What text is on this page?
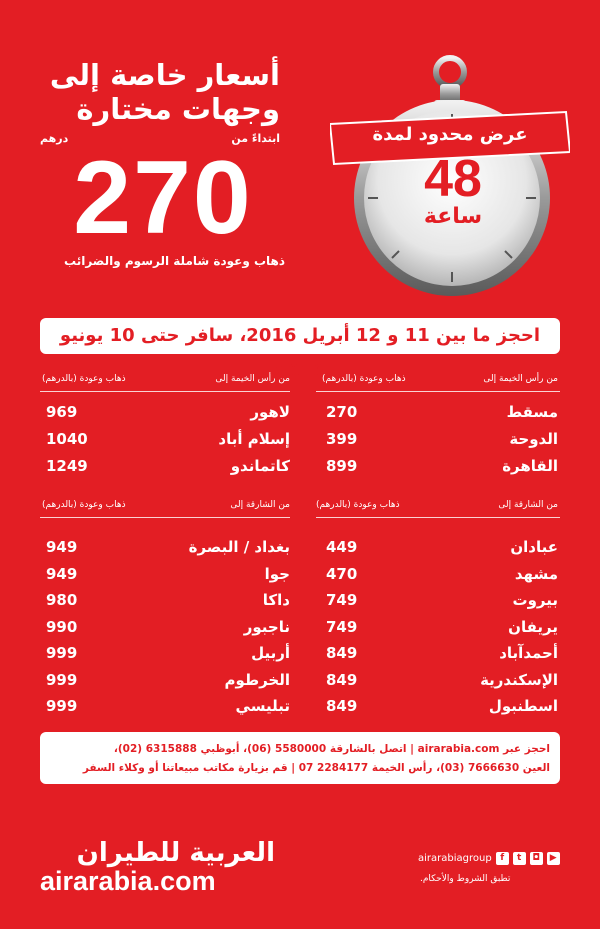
أسعار خاصة إلى
وجهات مختارة
ابتداءً من
درهم
270
ذهاب وعودة شاملة الرسوم والضرائب
عرض محدود لمدة
48
ساعة
احجز ما بين 11 و 12 أبريل 2016، سافر حتى 10 يونيو 2016	من رأس الخيمة إلى
ذهاب وعودة (بالدرهم)
من رأس الخيمة إلى
ذهاب وعودة (بالدرهم)
مسقط
270
الدوحة
399
القاهرة
899
لاهور
969
إسلام أباد
1040
كاتماندو
1249
من الشارقة إلى
ذهاب وعودة (بالدرهم)
من الشارقة إلى
ذهاب وعودة (بالدرهم)
عبادان
449
مشهد
470
بيروت
749
يريفان
749
أحمدآباد
849
الإسكندرية
849
اسطنبول
849
بغداد / البصرة
949
جوا
949
داكا
980
ناجبور
990
أربيل
999
الخرطوم
999
تبليسي
999
احجز عبر airarabia.com | اتصل بالشارقة 5580000 (06)، أبوظبي 6315888 (02)،
العين 7666630 (03)، رأس الخيمة 2284177 07 | قم بزيارة مكاتب مبيعاتنا أو وكلاء السفر
العربية للطيران
airarabia.com
airarabiagroup f	t	◘	▶
تطبق الشروط والأحكام.
